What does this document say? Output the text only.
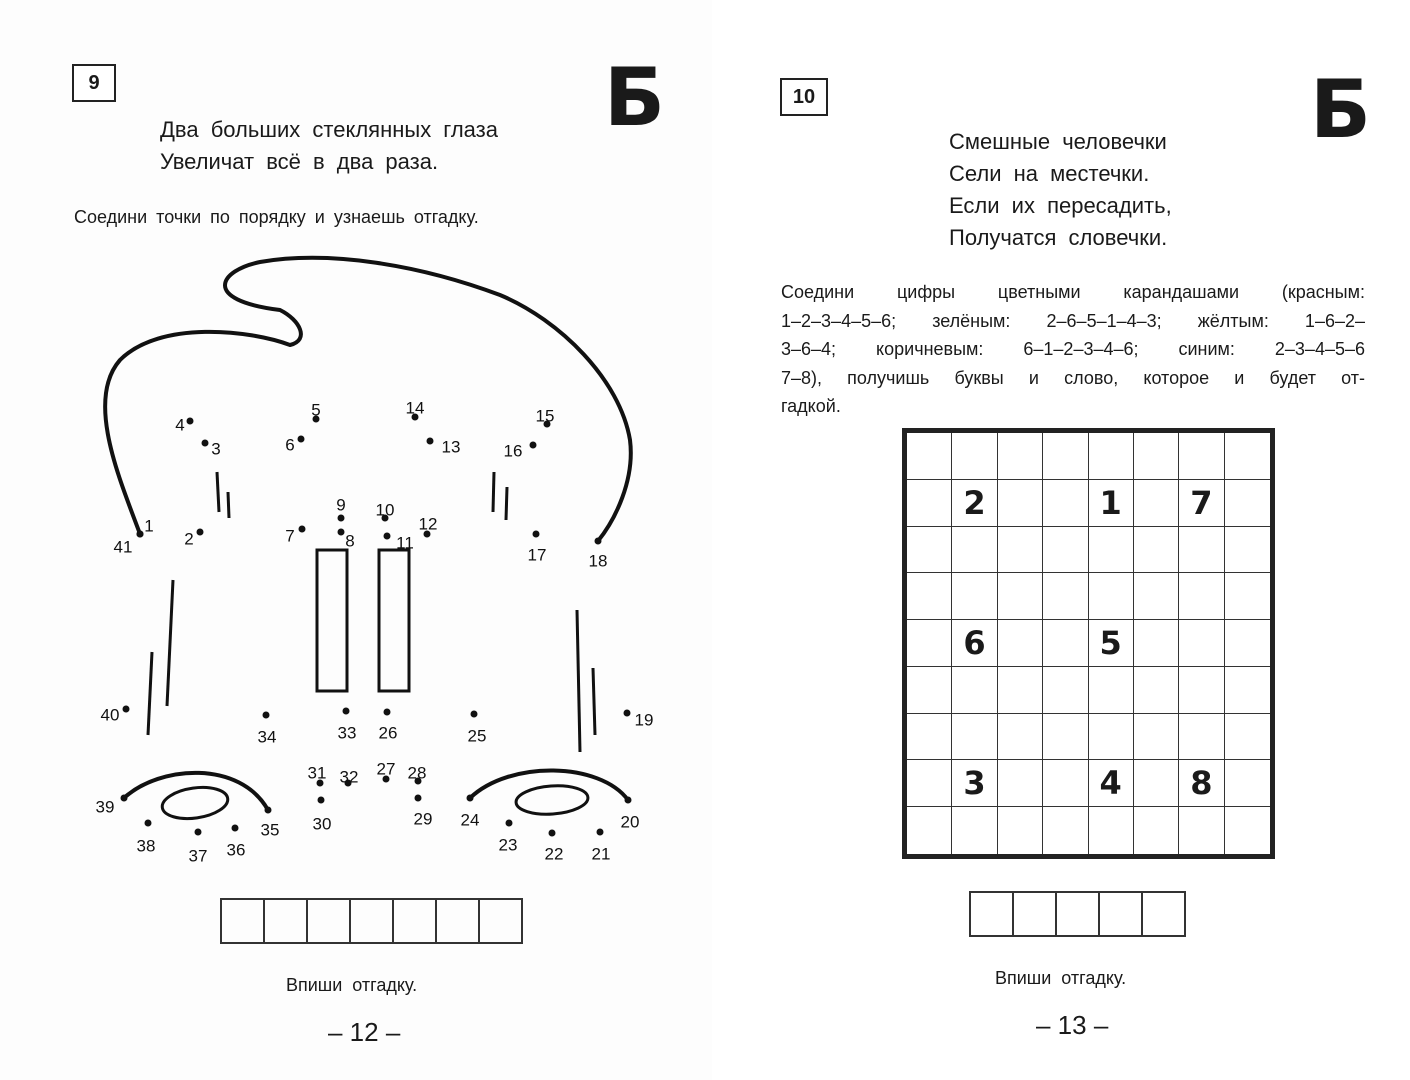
9	Б
Два больших стеклянных глаза
Увеличат всё в два раза.
Соедини точки по порядку и узнаешь отгадку.
1
2
3
4
5
6
7	8
9 10
11
12
13
14	15
16
17 18
19
20
21
22
23
24
25
26
27 28
29
30
31 32
33
34
35
36
37
38
39
40
41
Впиши отгадку.
– 12 –
10	Б
Смешные человечки
Сели на местечки.
Если их пересадить,
Получатся словечки.
Соедини цифры цветными карандашами (красным:
1–2–3–4–5–6; зелёным: 2–6–5–1–4–3; жёлтым: 1–6–2–
3–6–4; коричневым: 6–1–2–3–4–6; синим: 2–3–4–5–6
7–8), получишь буквы и слово, которое и будет от-
гадкой.
2	1 7
6	5
3	4 8
Впиши отгадку.
– 13 –
